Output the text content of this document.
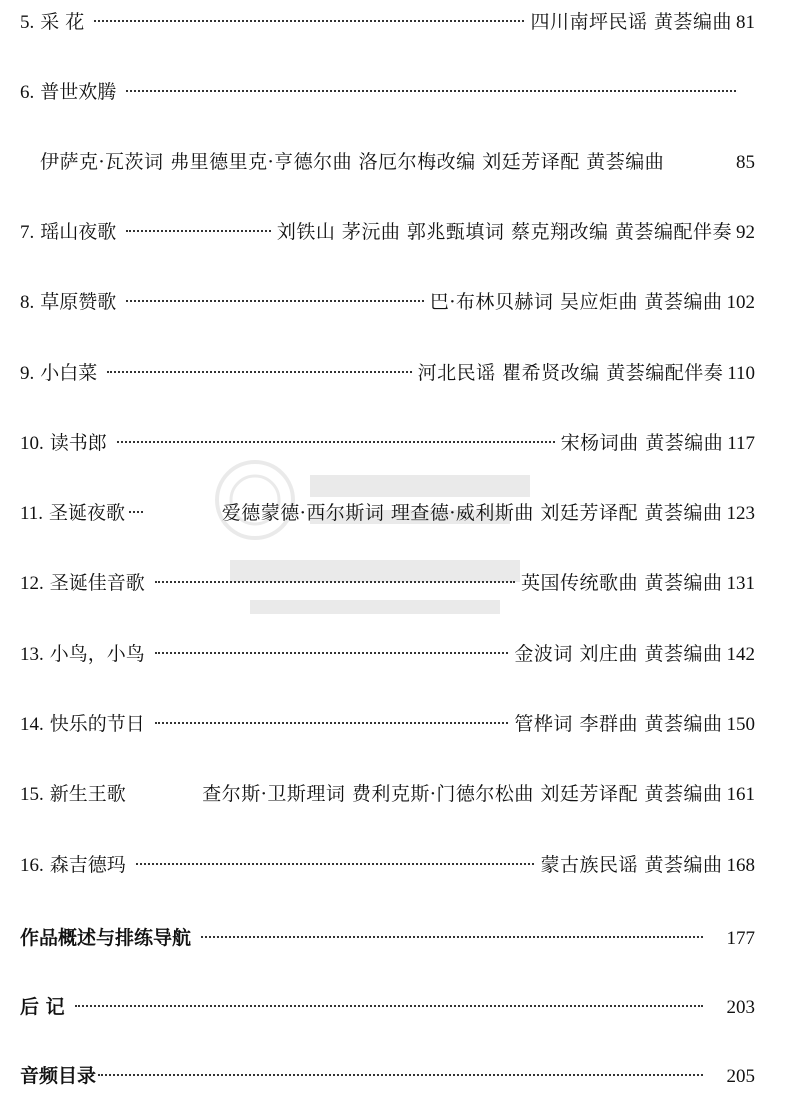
5. 采 花	四川南坪民谣 黄荟编曲 81
6. 普世欢腾
伊萨克·瓦茨词 弗里德里克·亨德尔曲 洛厄尔梅改编 刘廷芳译配 黄荟编曲	85
7. 瑶山夜歌	刘铁山 茅沅曲 郭兆甄填词 蔡克翔改编 黄荟编配伴奏 92
8. 草原赞歌	巴·布林贝赫词 吴应炬曲 黄荟编曲 102
9. 小白菜	河北民谣 瞿希贤改编 黄荟编配伴奏 110
10. 读书郎	宋杨词曲 黄荟编曲 117
11. 圣诞夜歌	爱德蒙德·西尔斯词 理查德·威利斯曲 刘廷芳译配 黄荟编曲 123
12. 圣诞佳音歌	英国传统歌曲 黄荟编曲 131
13. 小鸟，小鸟	金波词 刘庄曲 黄荟编曲 142
14. 快乐的节日	管桦词 李群曲 黄荟编曲 150
15. 新生王歌	查尔斯·卫斯理词 费利克斯·门德尔松曲 刘廷芳译配 黄荟编曲 161
16. 森吉德玛	蒙古族民谣 黄荟编曲 168
作品概述与排练导航	177
后 记	203
音频目录	205
